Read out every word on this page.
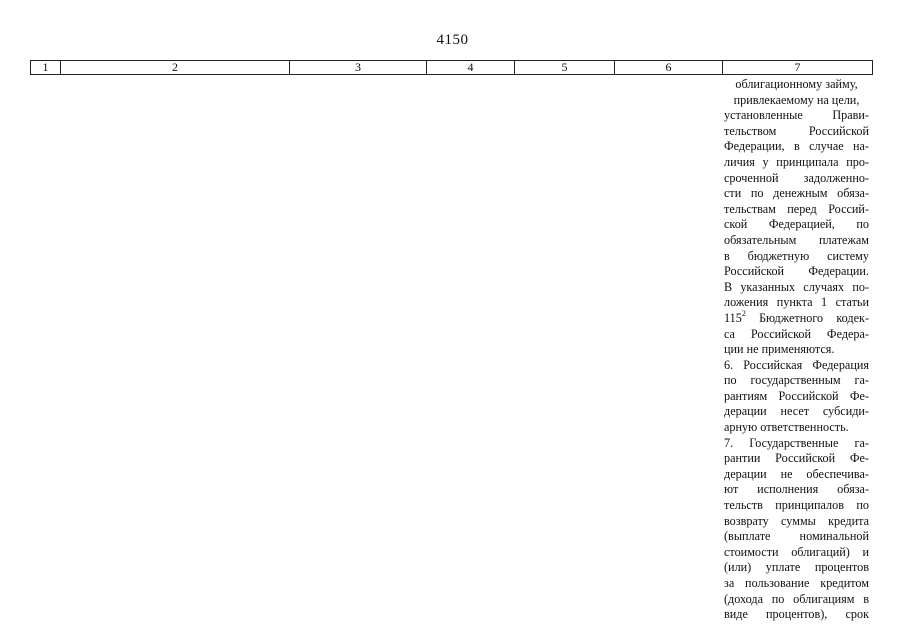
4150
1	2	3	4	5	6	7
облигационному займу,
привлекаемому на цели,
установленные Прави-
тельством Российской
Федерации, в случае на-
личия у принципала про-
сроченной задолженно-
сти по денежным обяза-
тельствам перед Россий-
ской Федерацией, по
обязательным платежам
в бюджетную систему
Российской Федерации.
В указанных случаях по-
ложения пункта 1 статьи
$115^2$ Бюджетного кодек-
са Российской Федера-
ции не применяются.
6. Российская Федерация
по государственным га-
рантиям Российской Фе-
дерации несет субсиди-
арную ответственность.
7. Государственные га-
рантии Российской Фе-
дерации не обеспечива-
ют исполнения обяза-
тельств принципалов по
возврату суммы кредита
(выплате номинальной
стоимости облигаций) и
(или) уплате процентов
за пользование кредитом
(дохода по облигациям в
виде процентов), срок
